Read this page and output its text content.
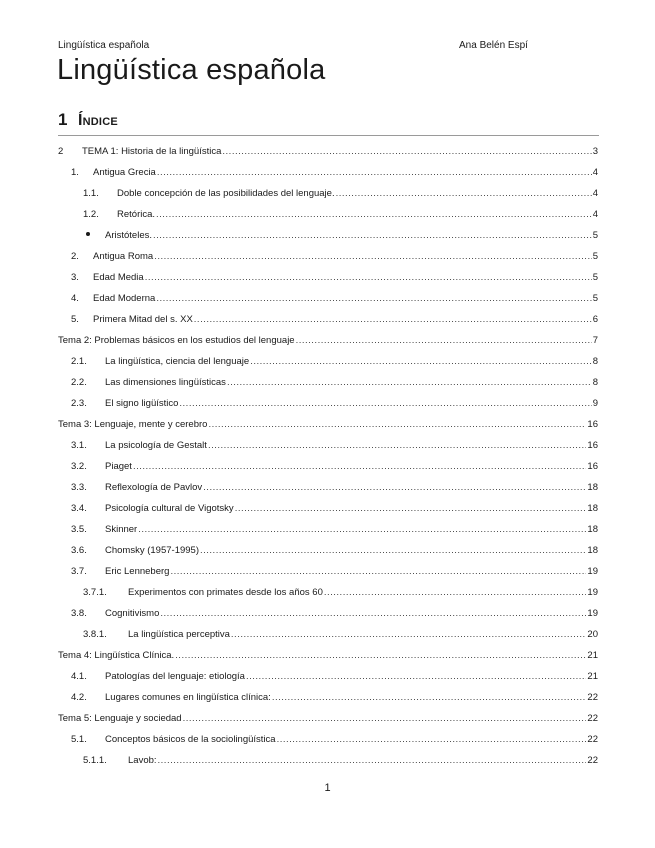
Lingüística española	Ana Belén Espí
Lingüística española
1 Índice
2	TEMA 1: Historia de la lingüística .....	3
1.	Antigua Grecia .....	4
1.1.	Doble concepción de las posibilidades del lenguaje. .....	4
1.2.	Retórica. .....	4
Aristóteles. .....	5
2.	Antigua Roma .....	5
3.	Edad Media .....	5
4.	Edad Moderna .....	5
5.	Primera Mitad del s. XX .....	6
Tema 2: Problemas básicos en los estudios del lenguaje .....	7
2.1.	La lingüística, ciencia del lenguaje .....	8
2.2.	Las dimensiones lingüísticas .....	8
2.3.	El signo ligüístico .....	9
Tema 3: Lenguaje, mente y cerebro .....	16
3.1.	La psicología de Gestalt .....	16
3.2.	Piaget .....	16
3.3.	Reflexología de Pavlov .....	18
3.4.	Psicología cultural de Vigotsky .....	18
3.5.	Skinner .....	18
3.6.	Chomsky (1957-1995) .....	18
3.7.	Eric Lenneberg .....	19
3.7.1.	Experimentos con primates desde los años 60 .....	19
3.8.	Cognitivismo .....	19
3.8.1.	La lingüística perceptiva .....	20
Tema 4: Lingüística Clínica. .....	21
4.1.	Patologías del lenguaje: etiología .....	21
4.2.	Lugares comunes en lingüística clínica: .....	22
Tema 5: Lenguaje y sociedad .....	22
5.1.	Conceptos básicos de la sociolingüística .....	22
5.1.1.	Lavob: .....	22
1
